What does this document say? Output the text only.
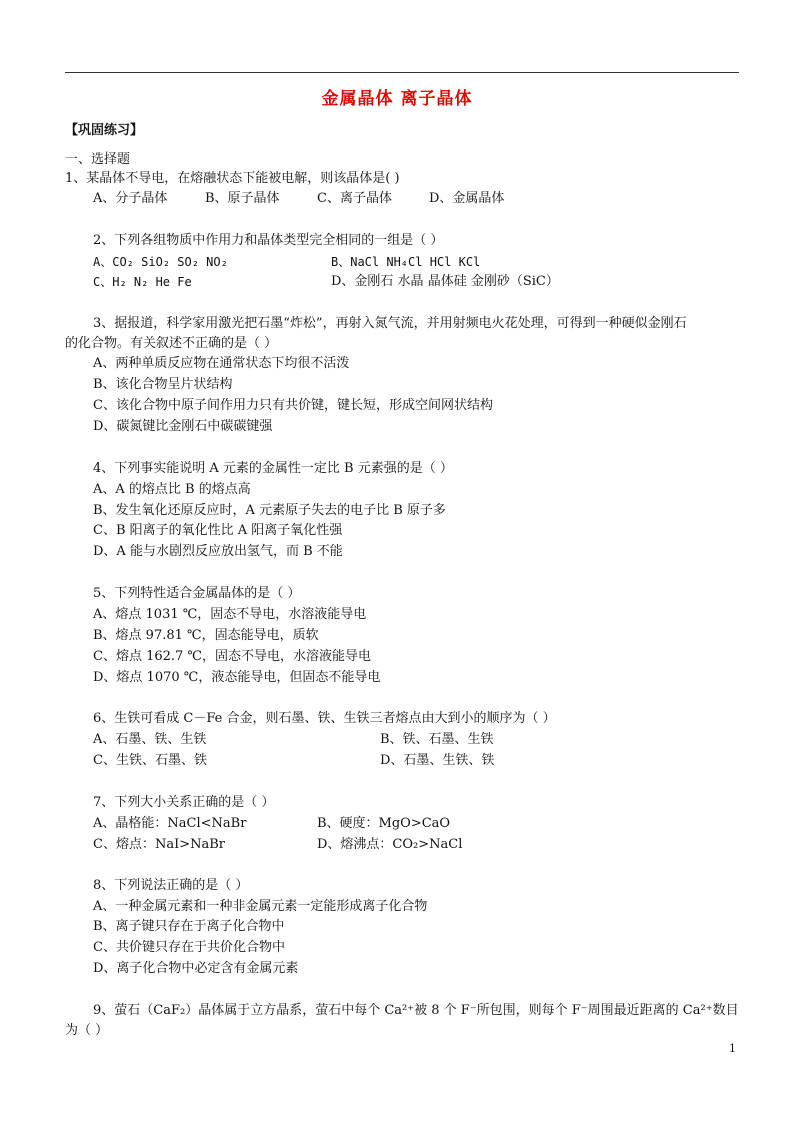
金属晶体 离子晶体
【巩固练习】
一、选择题
1、某晶体不导电，在熔融状态下能被电解，则该晶体是( )
A、分子晶体	B、原子晶体	C、离子晶体	D、金属晶体
2、下列各组物质中作用力和晶体类型完全相同的一组是（ ）
A、CO₂ SiO₂ SO₂ NO₂	B、NaCl NH₄Cl HCl KCl
C、H₂ N₂ He Fe	D、金刚石 水晶 晶体硅 金刚砂（SiC）
3、据报道，科学家用激光把石墨“炸松”，再射入氮气流，并用射频电火花处理，可得到一种硬似金刚石
的化合物。有关叙述不正确的是（ ）
A、两种单质反应物在通常状态下均很不活泼
B、该化合物呈片状结构
C、该化合物中原子间作用力只有共价键，键长短，形成空间网状结构
D、碳氮键比金刚石中碳碳键强
4、下列事实能说明 A 元素的金属性一定比 B 元素强的是（ ）
A、A 的熔点比 B 的熔点高
B、发生氧化还原反应时，A 元素原子失去的电子比 B 原子多
C、B 阳离子的氧化性比 A 阳离子氧化性强
D、A 能与水剧烈反应放出氢气，而 B 不能
5、下列特性适合金属晶体的是（ ）
A、熔点 1031 ℃，固态不导电，水溶液能导电
B、熔点 97.81 ℃，固态能导电，质软
C、熔点 162.7 ℃，固态不导电，水溶液能导电
D、熔点 1070 ℃，液态能导电，但固态不能导电
6、生铁可看成 C－Fe 合金，则石墨、铁、生铁三者熔点由大到小的顺序为（ ）
A、石墨、铁、生铁	B、铁、石墨、生铁
C、生铁、石墨、铁	D、石墨、生铁、铁
7、下列大小关系正确的是（ ）
A、晶格能：NaCl<NaBr	B、硬度：MgO>CaO
C、熔点：NaI>NaBr	D、熔沸点：CO₂>NaCl
8、下列说法正确的是（ ）
A、一种金属元素和一种非金属元素一定能形成离子化合物
B、离子键只存在于离子化合物中
C、共价键只存在于共价化合物中
D、离子化合物中必定含有金属元素
9、萤石（CaF₂）晶体属于立方晶系，萤石中每个 Ca²⁺被 8 个 F⁻所包围，则每个 F⁻周围最近距离的 Ca²⁺数目
为（ ）
1
